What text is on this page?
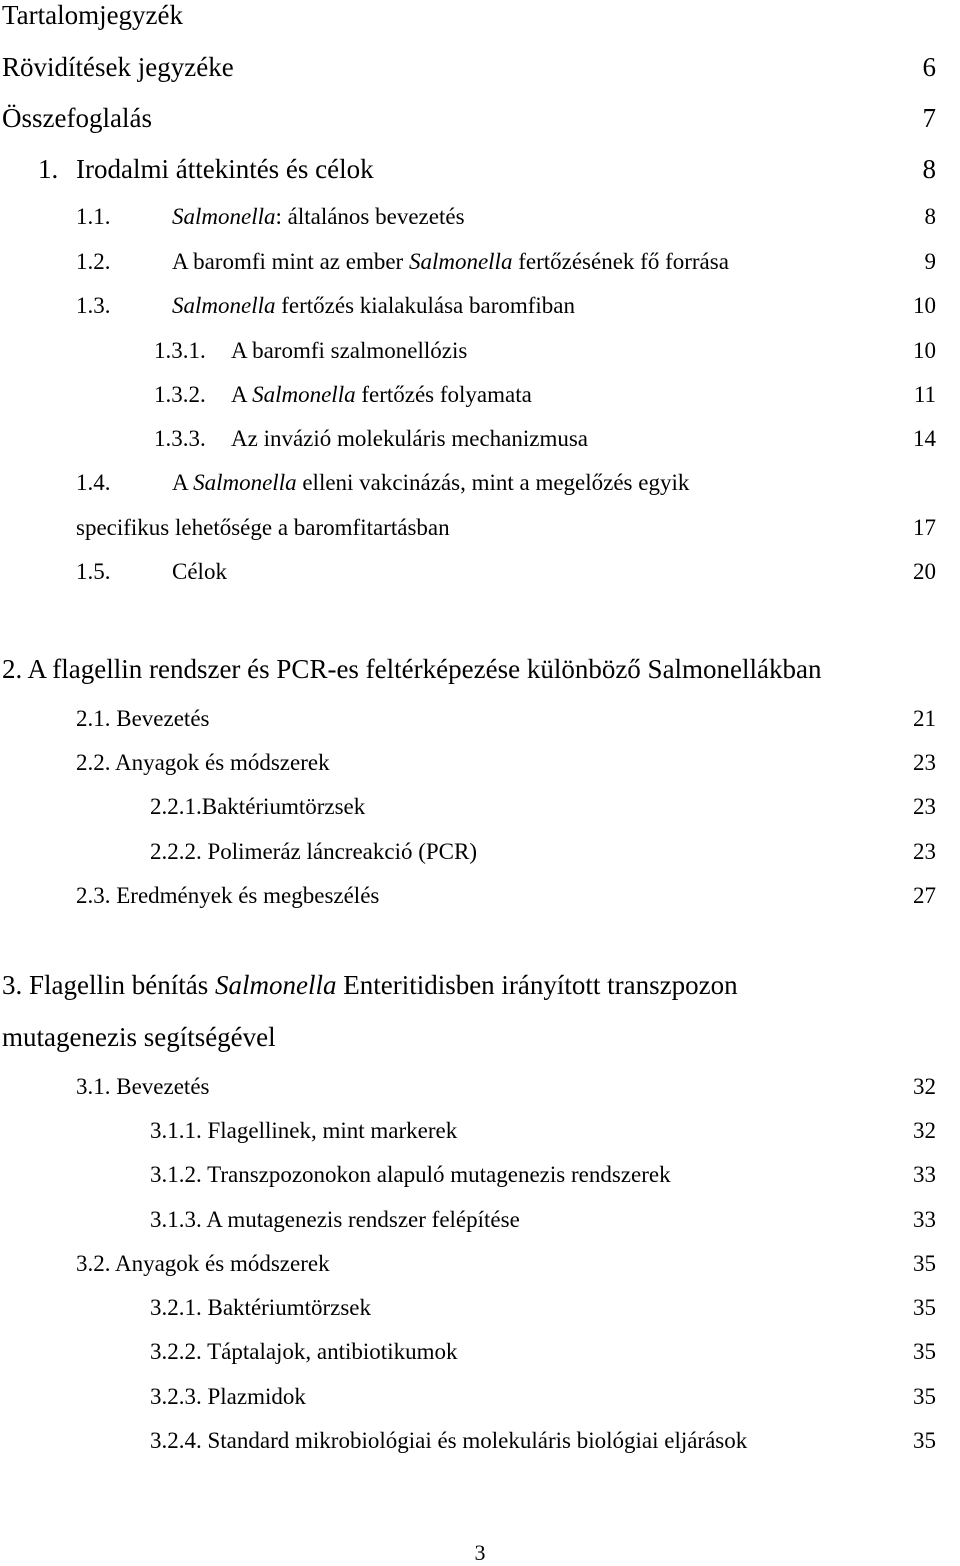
Tartalomjegyzék
Rövidítések jegyzéke	6
Összefoglalás	7
1. Irodalmi áttekintés és célok	8
1.1.	Salmonella: általános bevezetés	8
1.2.	A baromfi mint az ember Salmonella fertőzésének fő forrása	9
1.3.	Salmonella fertőzés kialakulása baromfiban	10
1.3.1. A baromfi szalmonellózis	10
1.3.2. A Salmonella fertőzés folyamata	11
1.3.3. Az invázió molekuláris mechanizmusa	14
1.4.	A Salmonella elleni vakcinázás, mint a megelőzés egyik
specifikus lehetősége a baromfitartásban	17
1.5.	Célok	20
2. A flagellin rendszer és PCR-es feltérképezése különböző Salmonellákban
2.1. Bevezetés	21
2.2. Anyagok és módszerek	23
2.2.1.Baktériumtörzsek	23
2.2.2. Polimeráz láncreakció (PCR)	23
2.3. Eredmények és megbeszélés	27
3. Flagellin bénítás Salmonella Enteritidisben irányított transzpozon
mutagenezis segítségével
3.1. Bevezetés	32
3.1.1. Flagellinek, mint markerek	32
3.1.2. Transzpozonokon alapuló mutagenezis rendszerek	33
3.1.3. A mutagenezis rendszer felépítése	33
3.2. Anyagok és módszerek	35
3.2.1. Baktériumtörzsek	35
3.2.2. Táptalajok, antibiotikumok	35
3.2.3. Plazmidok	35
3.2.4. Standard mikrobiológiai és molekuláris biológiai eljárások	35
3
